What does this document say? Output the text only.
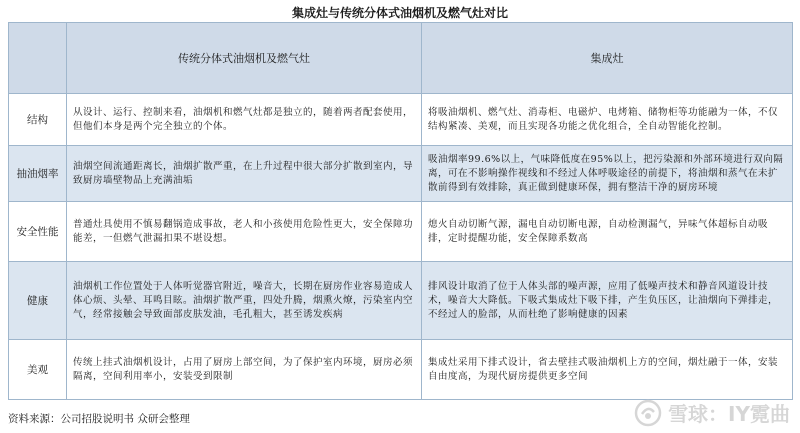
集成灶与传统分体式油烟机及燃气灶对比
	传统分体式油烟机及燃气灶	集成灶
结构	从设计、运行、控制来看，油烟机和燃气灶都是独立的，随着两者配套使用，但他们本身是两个完全独立的个体。	将吸油烟机、燃气灶、消毒柜、电磁炉、电烤箱、储物柜等功能融为一体，不仅结构紧凑、美观，而且实现各功能之优化组合，全自动智能化控制。
抽油烟率	油烟空间流通距离长，油烟扩散严重，在上升过程中很大部分扩散到室内，导致厨房墙壁物品上充满油垢	吸油烟率99.6%以上，气味降低度在95%以上，把污染源和外部环境进行双向隔离，可在不影响操作视线和不经过人体呼吸途径的前提下，将油烟和蒸气在未扩散前得到有效排除，真正做到健康环保，拥有整洁干净的厨房环境
安全性能	普通灶具使用不慎易翻锅造成事故，老人和小孩使用危险性更大，安全保障功能差，一但燃气泄漏扣果不堪设想。	熄火自动切断气源，漏电自动切断电源，自动检测漏气，异味气体超标自动吸排，定时提醒功能，安全保障系数高
健康	油烟机工作位置处于人体听觉器官附近，噪音大，长期在厨房作业容易造成人体心烦、头晕、耳鸣目眩。油烟扩散严重，四处升腾，烟熏火燎，污染室内空气，经常接触会导致面部皮肤发油，毛孔粗大，甚至诱发疾病	排风设计取消了位于人体头部的噪声源，应用了低噪声技术和静音风道设计技术，噪音大大降低。下吸式集成灶下吸下排，产生负压区，让油烟向下弹排走，不经过人的脸部，从而杜绝了影响健康的因素
美观	传统上挂式油烟机设计，占用了厨房上部空间，为了保护室内环境，厨房必须隔离，空间利用率小，安装受到限制	集成灶采用下排式设计，省去壁挂式吸油烟机上方的空间，烟灶融于一体，安装自由度高，为现代厨房提供更多空间
资料来源：公司招股说明书 众研会整理	雪球：IY霓曲
